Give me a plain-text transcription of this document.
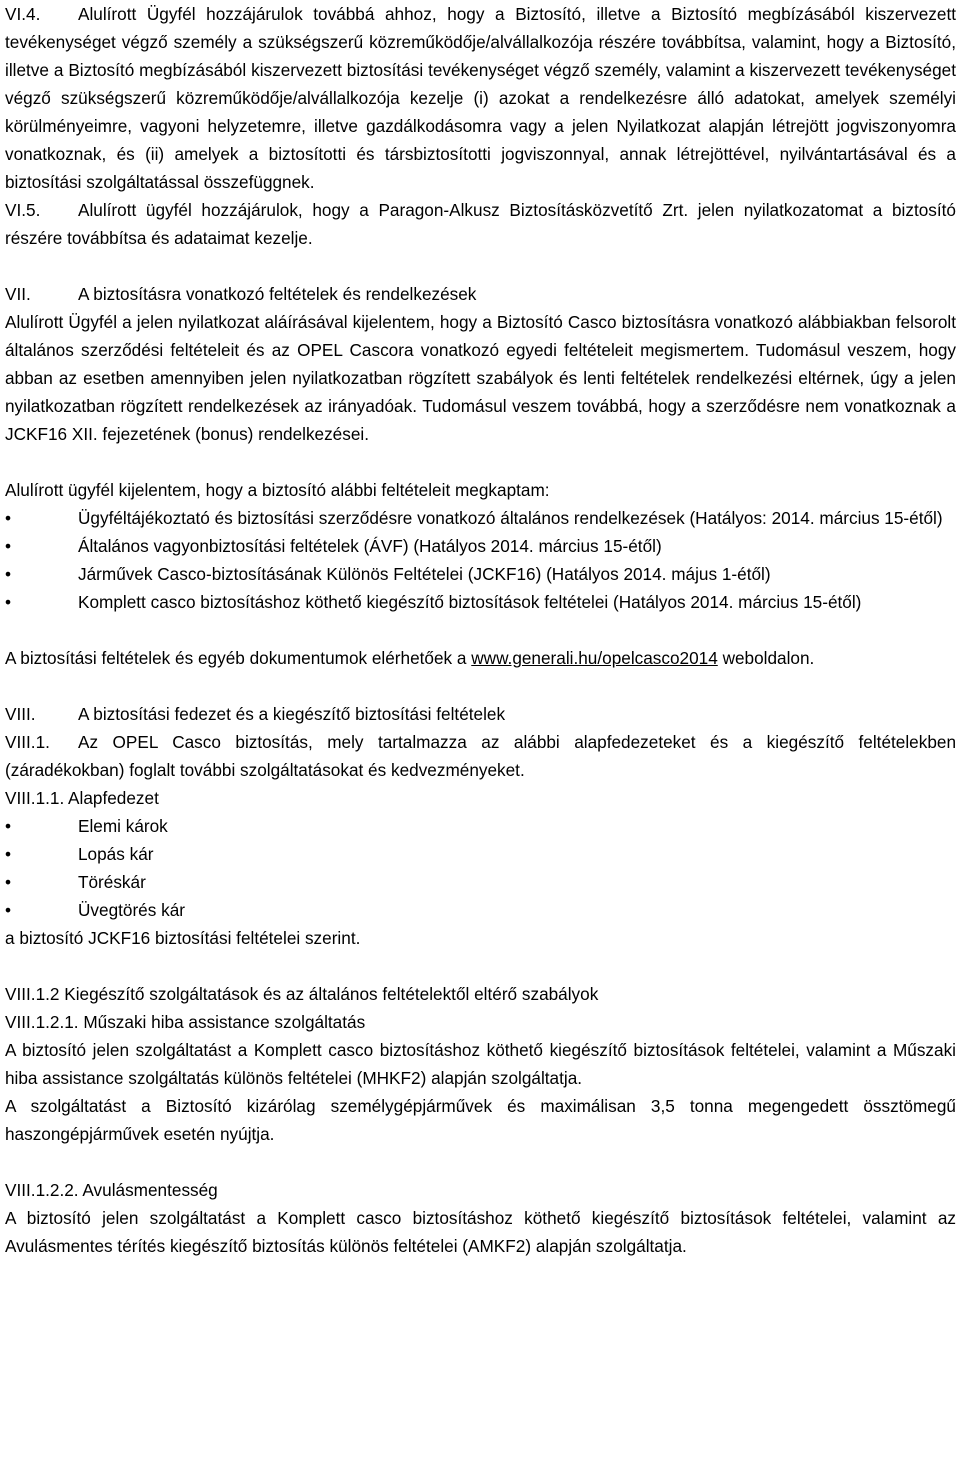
VI.4. Alulírott Ügyfél hozzájárulok továbbá ahhoz, hogy a Biztosító, illetve a Biztosító megbízásából kiszervezett tevékenységet végző személy a szükségszerű közreműködője/alvállalkozója részére továbbítsa, valamint, hogy a Biztosító, illetve a Biztosító megbízásából kiszervezett biztosítási tevékenységet végző személy, valamint a kiszervezett tevékenységet végző szükségszerű közreműködője/alvállalkozója kezelje (i) azokat a rendelkezésre álló adatokat, amelyek személyi körülményeimre, vagyoni helyzetemre, illetve gazdálkodásomra vagy a jelen Nyilatkozat alapján létrejött jogviszonyomra vonatkoznak, és (ii) amelyek a biztosítotti és társbiztosítotti jogviszonnyal, annak létrejöttével, nyilvántartásával és a biztosítási szolgáltatással összefüggnek.

VI.5. Alulírott ügyfél hozzájárulok, hogy a Paragon-Alkusz Biztosításközvetítő Zrt. jelen nyilatkozatomat a biztosító részére továbbítsa és adataimat kezelje.

VII.	A biztosításra vonatkozó feltételek és rendelkezések

Alulírott Ügyfél a jelen nyilatkozat aláírásával kijelentem, hogy a Biztosító Casco biztosításra vonatkozó alábbiakban felsorolt általános szerződési feltételeit és az OPEL Cascora vonatkozó egyedi feltételeit megismertem. Tudomásul veszem, hogy abban az esetben amennyiben jelen nyilatkozatban rögzített szabályok és lenti feltételek rendelkezési eltérnek, úgy a jelen nyilatkozatban rögzített rendelkezések az irányadóak. Tudomásul veszem továbbá, hogy a szerződésre nem vonatkoznak a JCKF16 XII. fejezetének (bonus) rendelkezései.

Alulírott ügyfél kijelentem, hogy a biztosító alábbi feltételeit megkaptam:

•	Ügyféltájékoztató és biztosítási szerződésre vonatkozó általános rendelkezések (Hatályos: 2014. március 15-étől)

•	Általános vagyonbiztosítási feltételek (ÁVF) (Hatályos 2014. március 15-étől)

•	Járművek Casco-biztosításának Különös Feltételei (JCKF16) (Hatályos 2014. május 1-étől)

•	Komplett casco biztosításhoz köthető kiegészítő biztosítások feltételei (Hatályos 2014. március 15-étől)

A biztosítási feltételek és egyéb dokumentumok elérhetőek a www.generali.hu/opelcasco2014 weboldalon.

VIII.	A biztosítási fedezet és a kiegészítő biztosítási feltételek

VIII.1. Az OPEL Casco biztosítás, mely tartalmazza az alábbi alapfedezeteket és a kiegészítő feltételekben (záradékokban) foglalt további szolgáltatásokat és kedvezményeket.

VIII.1.1. Alapfedezet

•	Elemi károk
•	Lopás kár
•	Töréskár
•	Üvegtörés kár

a biztosító JCKF16 biztosítási feltételei szerint.

VIII.1.2 Kiegészítő szolgáltatások és az általános feltételektől eltérő szabályok

VIII.1.2.1. Műszaki hiba assistance szolgáltatás

A biztosító jelen szolgáltatást a Komplett casco biztosításhoz köthető kiegészítő biztosítások feltételei, valamint a Műszaki hiba assistance szolgáltatás különös feltételei (MHKF2) alapján szolgáltatja.

A szolgáltatást a Biztosító kizárólag személygépjárművek és maximálisan 3,5 tonna megengedett össztömegű haszongépjárművek esetén nyújtja.

VIII.1.2.2. Avulásmentesség

A biztosító jelen szolgáltatást a Komplett casco biztosításhoz köthető kiegészítő biztosítások feltételei, valamint az Avulásmentes térítés kiegészítő biztosítás különös feltételei (AMKF2) alapján szolgáltatja.
